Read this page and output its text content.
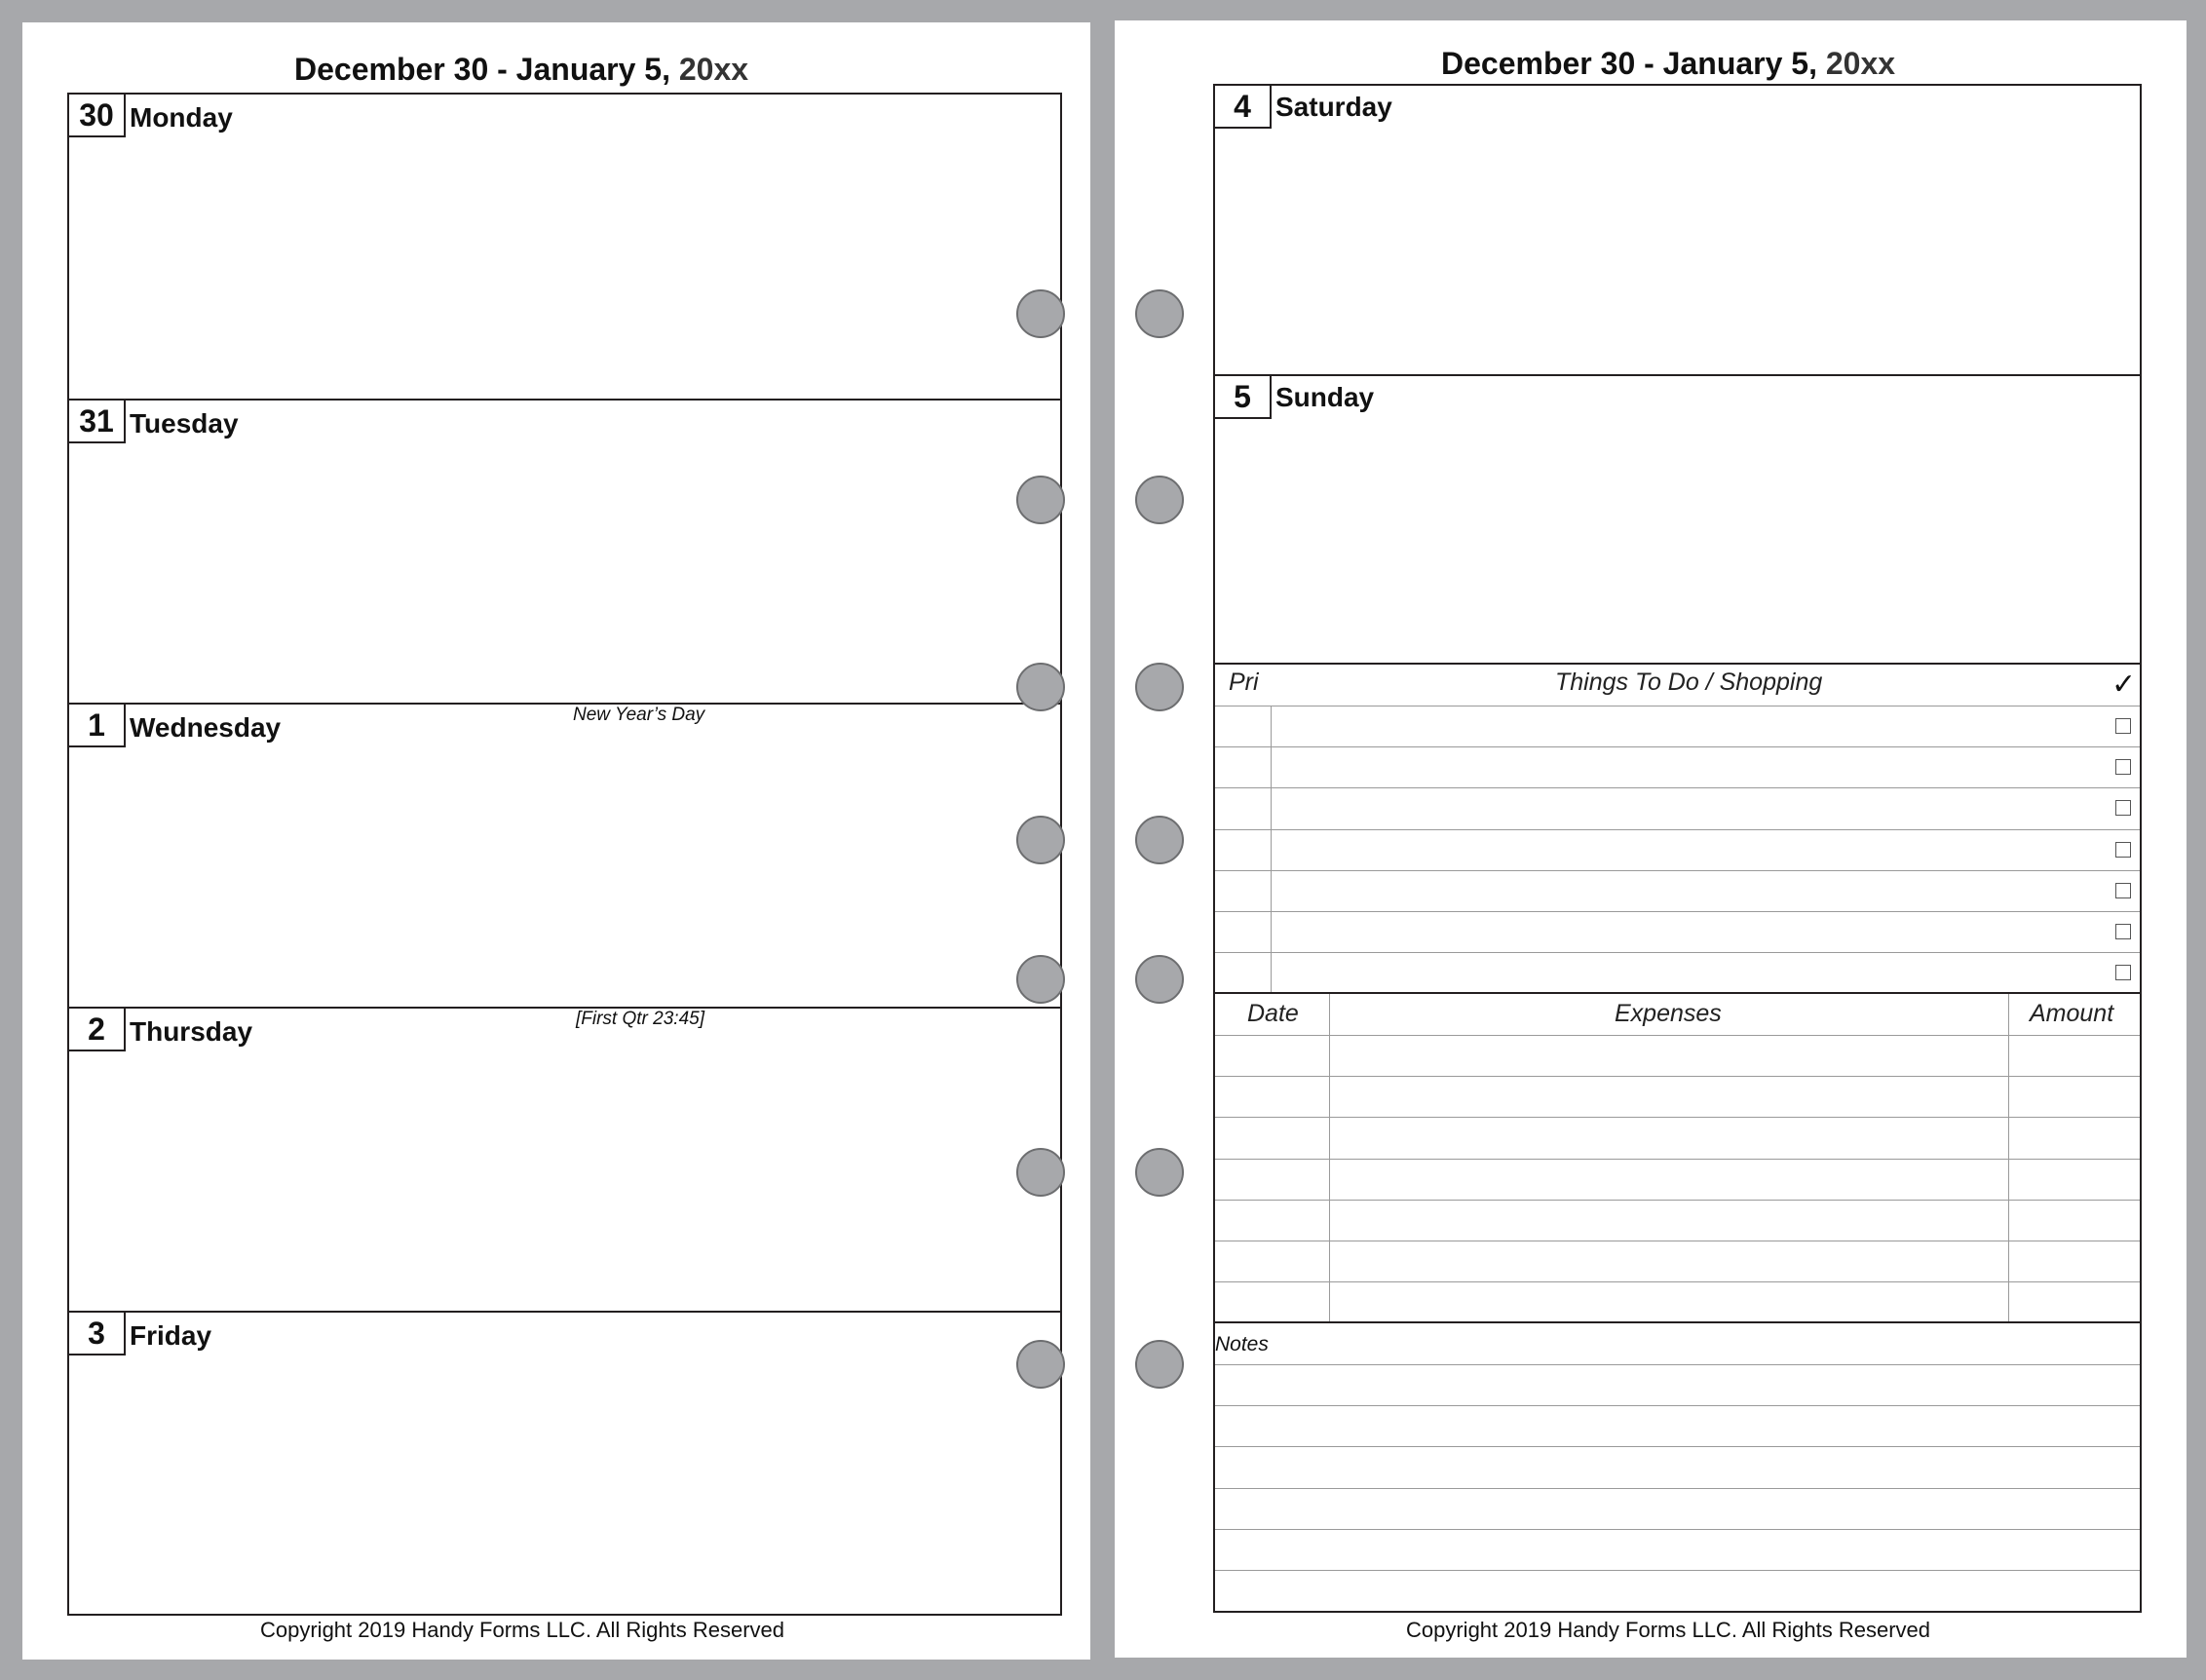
December 30 - January 5, 20xx
30 Monday
31 Tuesday
1 Wednesday	New Year’s Day
2 Thursday	[First Qtr 23:45]
3 Friday
Copyright 2019 Handy Forms LLC. All Rights Reserved
December 30 - January 5, 20xx
4 Saturday
5 Sunday
Pri	Things To Do / Shopping	✓
Date	Expenses	Amount
Notes
Copyright 2019 Handy Forms LLC. All Rights Reserved
